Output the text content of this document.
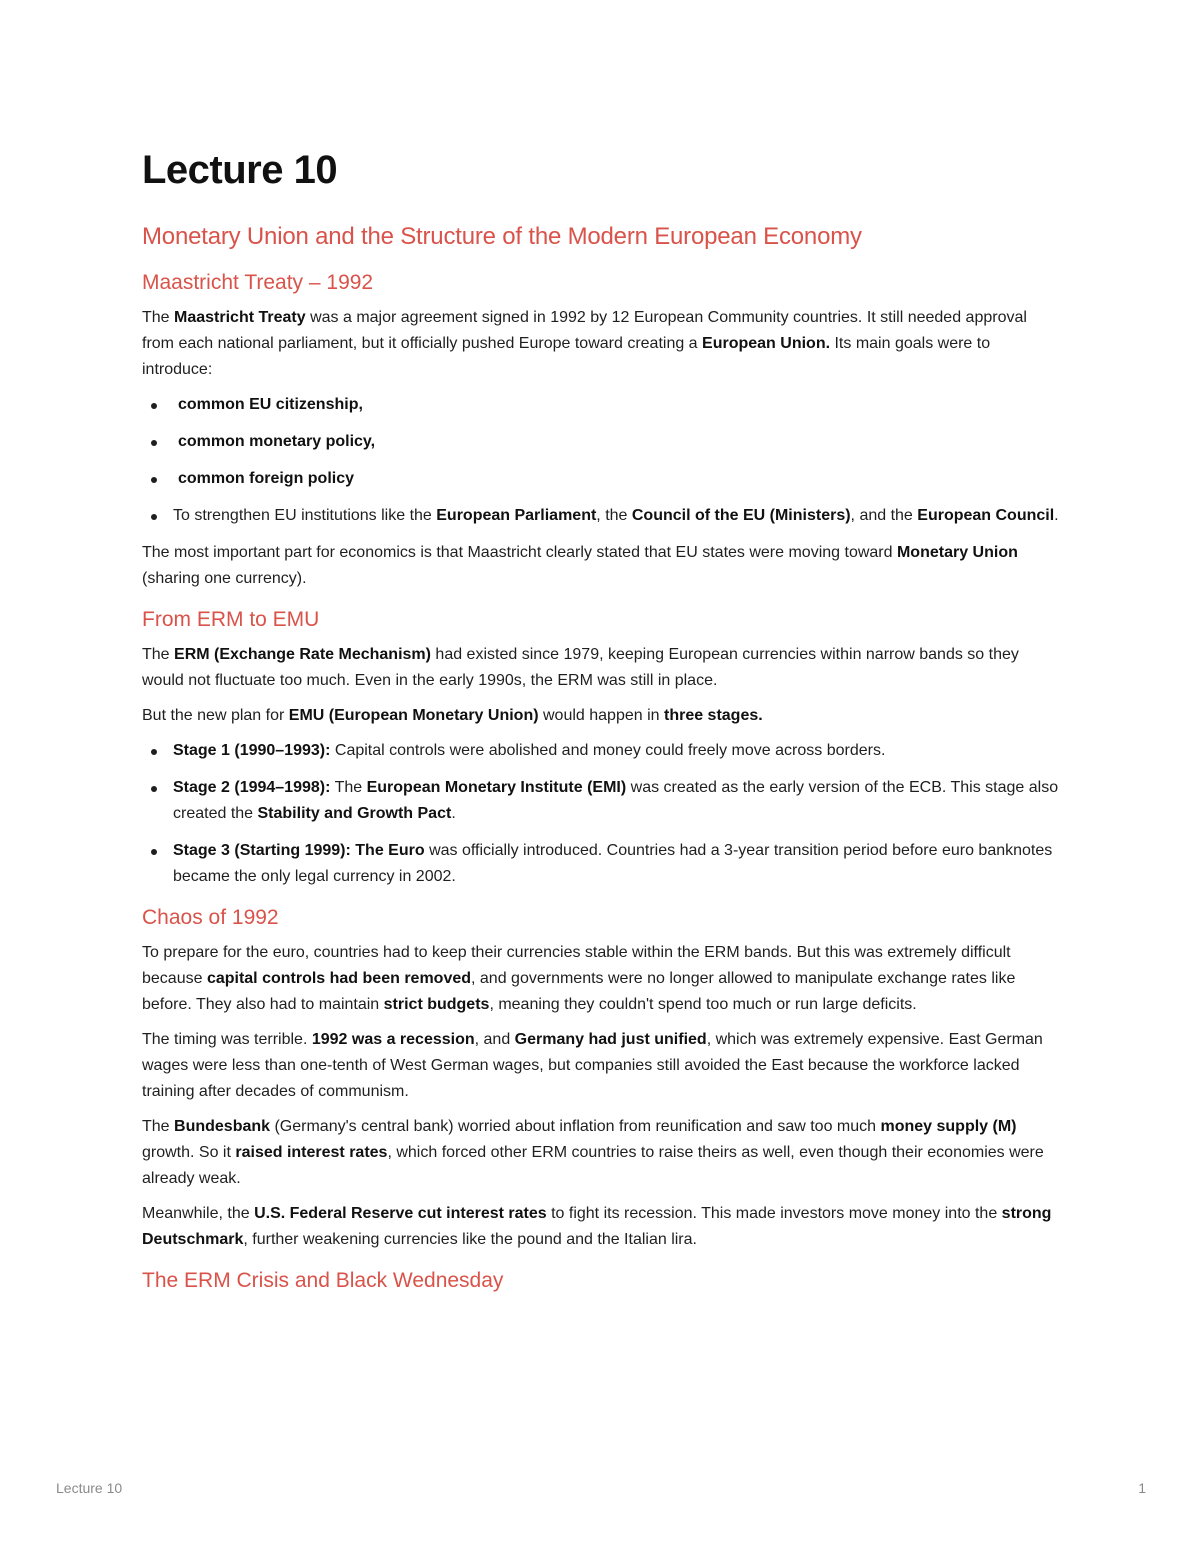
Lecture 10
Monetary Union and the Structure of the Modern European Economy
Maastricht Treaty – 1992

The Maastricht Treaty was a major agreement signed in 1992 by 12 European Community countries. It still needed approval from each national parliament, but it officially pushed Europe toward creating a European Union. Its main goals were to introduce:

common EU citizenship,
common monetary policy,
common foreign policy
To strengthen EU institutions like the European Parliament, the Council of the EU (Ministers), and the European Council.

The most important part for economics is that Maastricht clearly stated that EU states were moving toward Monetary Union (sharing one currency).

From ERM to EMU

The ERM (Exchange Rate Mechanism) had existed since 1979, keeping European currencies within narrow bands so they would not fluctuate too much. Even in the early 1990s, the ERM was still in place.

But the new plan for EMU (European Monetary Union) would happen in three stages.

Stage 1 (1990–1993): Capital controls were abolished and money could freely move across borders.
Stage 2 (1994–1998): The European Monetary Institute (EMI) was created as the early version of the ECB. This stage also created the Stability and Growth Pact.
Stage 3 (Starting 1999): The Euro was officially introduced. Countries had a 3-year transition period before euro banknotes became the only legal currency in 2002.
Chaos of 1992

To prepare for the euro, countries had to keep their currencies stable within the ERM bands. But this was extremely difficult because capital controls had been removed, and governments were no longer allowed to manipulate exchange rates like before. They also had to maintain strict budgets, meaning they couldn't spend too much or run large deficits.

The timing was terrible. 1992 was a recession, and Germany had just unified, which was extremely expensive. East German wages were less than one-tenth of West German wages, but companies still avoided the East because the workforce lacked training after decades of communism.

The Bundesbank (Germany's central bank) worried about inflation from reunification and saw too much money supply (M) growth. So it raised interest rates, which forced other ERM countries to raise theirs as well, even though their economies were already weak.

Meanwhile, the U.S. Federal Reserve cut interest rates to fight its recession. This made investors move money into the strong Deutschmark, further weakening currencies like the pound and the Italian lira.

The ERM Crisis and Black Wednesday
Lecture 10	1
